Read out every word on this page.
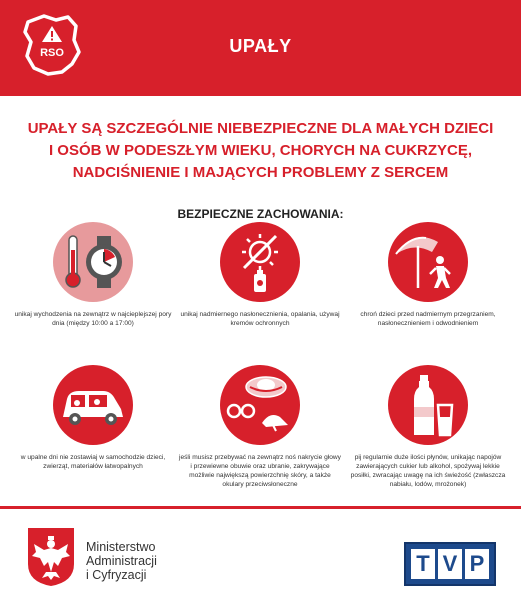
RSO	UPAŁY
UPAŁY SĄ SZCZEGÓLNIE NIEBEZPIECZNE DLA MAŁYCH DZIECI
I OSÓB W PODESZŁYM WIEKU, CHORYCH NA CUKRZYCĘ,
NADCIŚNIENIE I MAJĄCYCH PROBLEMY Z SERCEM
BEZPIECZNE ZACHOWANIA:
unikaj wychodzenia na zewnątrz w najcieplejszej pory dnia (między 10:00 a 17:00)
unikaj nadmiernego nasłonecznienia, opalania, używaj kremów ochronnych
chroń dzieci przed nadmiernym przegrzaniem, nasłonecznieniem i odwodnieniem
w upalne dni nie zostawiaj w samochodzie dzieci, zwierząt, materiałów łatwopalnych
jeśli musisz przebywać na zewnątrz noś nakrycie głowy i przewiewne obuwie oraz ubranie, zakrywające możliwie największą powierzchnię skóry, a także okulary przeciwsłoneczne
pij regularnie duże ilości płynów, unikając napojów zawierających cukier lub alkohol, spożywaj lekkie posiłki, zwracając uwagę na ich świeżość (zwłaszcza nabiału, lodów, mrożonek)
Ministerstwo
Administracji
i Cyfryzacji	T V P
